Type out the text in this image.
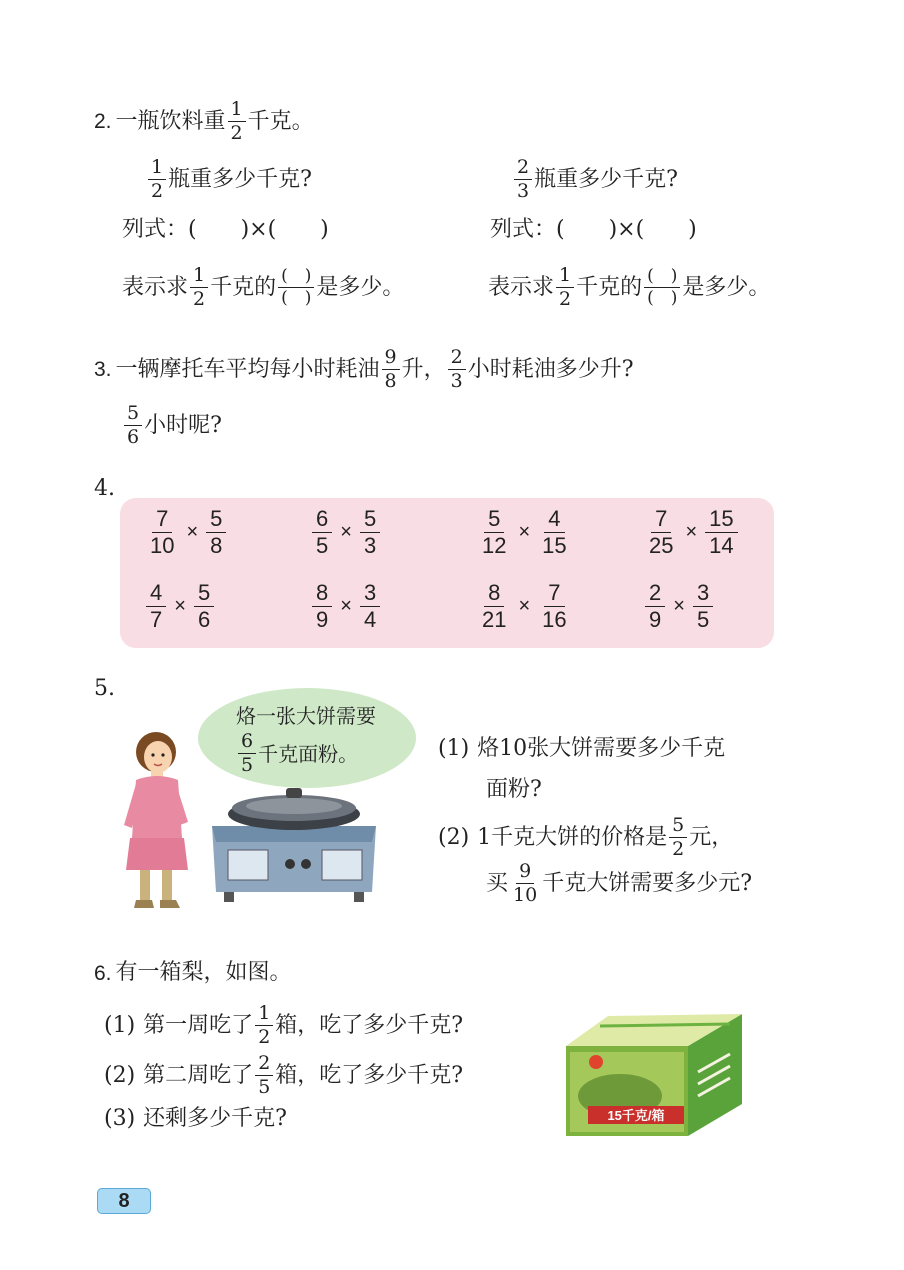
2. 一瓶饮料重 $\frac{1}{2}$ 千克。
$\frac{1}{2}$ 瓶重多少千克?	$\frac{2}{3}$ 瓶重多少千克?
列式：(　　)×(　　)	列式：(　　)×(　　)
表示求 $\frac{1}{2}$ 千克的 $\frac{( )}{( )}$ 是多少。	表示求 $\frac{1}{2}$ 千克的 $\frac{( )}{( )}$ 是多少。
3. 一辆摩托车平均每小时耗油 $\frac{9}{8}$ 升， $\frac{2}{3}$ 小时耗油多少升?
$\frac{5}{6}$ 小时呢?
4.
$\frac{7}{10} \times \frac{5}{8}$	$\frac{6}{5} \times \frac{5}{3}$	$\frac{5}{12} \times \frac{4}{15}$	$\frac{7}{25} \times \frac{15}{14}$
$\frac{4}{7} \times \frac{5}{6}$	$\frac{8}{9} \times \frac{3}{4}$	$\frac{8}{21} \times \frac{7}{16}$	$\frac{2}{9} \times \frac{3}{5}$
5.
烙一张大饼需要
$\frac{6}{5}$ 千克面粉。	(1) 烙10张大饼需要多少千克
面粉?
(2) 1千克大饼的价格是 $\frac{5}{2}$ 元，
买 $\frac{9}{10}$ 千克大饼需要多少元?
6. 有一箱梨，如图。
(1) 第一周吃了 $\frac{1}{2}$ 箱，吃了多少千克?
(2) 第二周吃了 $\frac{2}{5}$ 箱，吃了多少千克?
(3) 还剩多少千克?	15千克/箱
8
